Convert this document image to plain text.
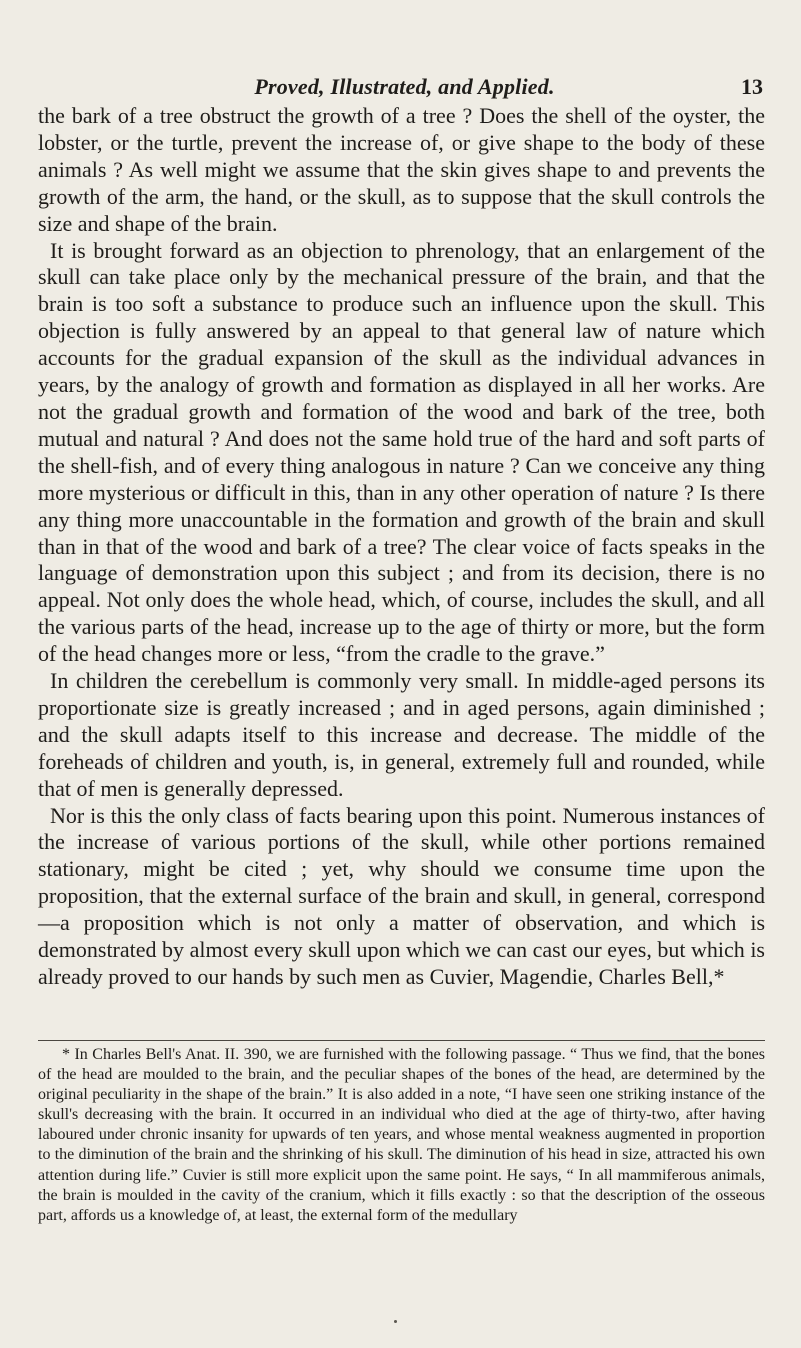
Proved, Illustrated, and Applied.	13

the bark of a tree obstruct the growth of a tree ? Does the shell of the oyster, the lobster, or the turtle, prevent the increase of, or give shape to the body of these animals ? As well might we assume that the skin gives shape to and prevents the growth of the arm, the hand, or the skull, as to suppose that the skull controls the size and shape of the brain.

It is brought forward as an objection to phrenology, that an enlargement of the skull can take place only by the mechanical pressure of the brain, and that the brain is too soft a substance to produce such an influence upon the skull. This objection is fully answered by an appeal to that general law of nature which accounts for the gradual expansion of the skull as the individual advances in years, by the analogy of growth and formation as displayed in all her works. Are not the gradual growth and formation of the wood and bark of the tree, both mutual and natural ? And does not the same hold true of the hard and soft parts of the shell-fish, and of every thing analogous in nature ? Can we conceive any thing more mysterious or difficult in this, than in any other operation of nature ? Is there any thing more unaccountable in the formation and growth of the brain and skull than in that of the wood and bark of a tree? The clear voice of facts speaks in the language of demonstration upon this subject ; and from its decision, there is no appeal. Not only does the whole head, which, of course, includes the skull, and all the various parts of the head, increase up to the age of thirty or more, but the form of the head changes more or less, “from the cradle to the grave.”

In children the cerebellum is commonly very small. In middle-aged persons its proportionate size is greatly increased ; and in aged persons, again diminished ; and the skull adapts itself to this increase and decrease. The middle of the foreheads of children and youth, is, in general, extremely full and rounded, while that of men is generally depressed.

Nor is this the only class of facts bearing upon this point. Numerous instances of the increase of various portions of the skull, while other portions remained stationary, might be cited ; yet, why should we consume time upon the proposition, that the external surface of the brain and skull, in general, correspond—a proposition which is not only a matter of observation, and which is demonstrated by almost every skull upon which we can cast our eyes, but which is already proved to our hands by such men as Cuvier, Magendie, Charles Bell,*

* In Charles Bell's Anat. II. 390, we are furnished with the following passage. “ Thus we find, that the bones of the head are moulded to the brain, and the peculiar shapes of the bones of the head, are determined by the original peculiarity in the shape of the brain.” It is also added in a note, “I have seen one striking instance of the skull's decreasing with the brain. It occurred in an individual who died at the age of thirty-two, after having laboured under chronic insanity for upwards of ten years, and whose mental weakness augmented in proportion to the diminution of the brain and the shrinking of his skull. The diminution of his head in size, attracted his own attention during life.” Cuvier is still more explicit upon the same point. He says, “ In all mammiferous animals, the brain is moulded in the cavity of the cranium, which it fills exactly : so that the description of the osseous part, affords us a knowledge of, at least, the external form of the medullary
